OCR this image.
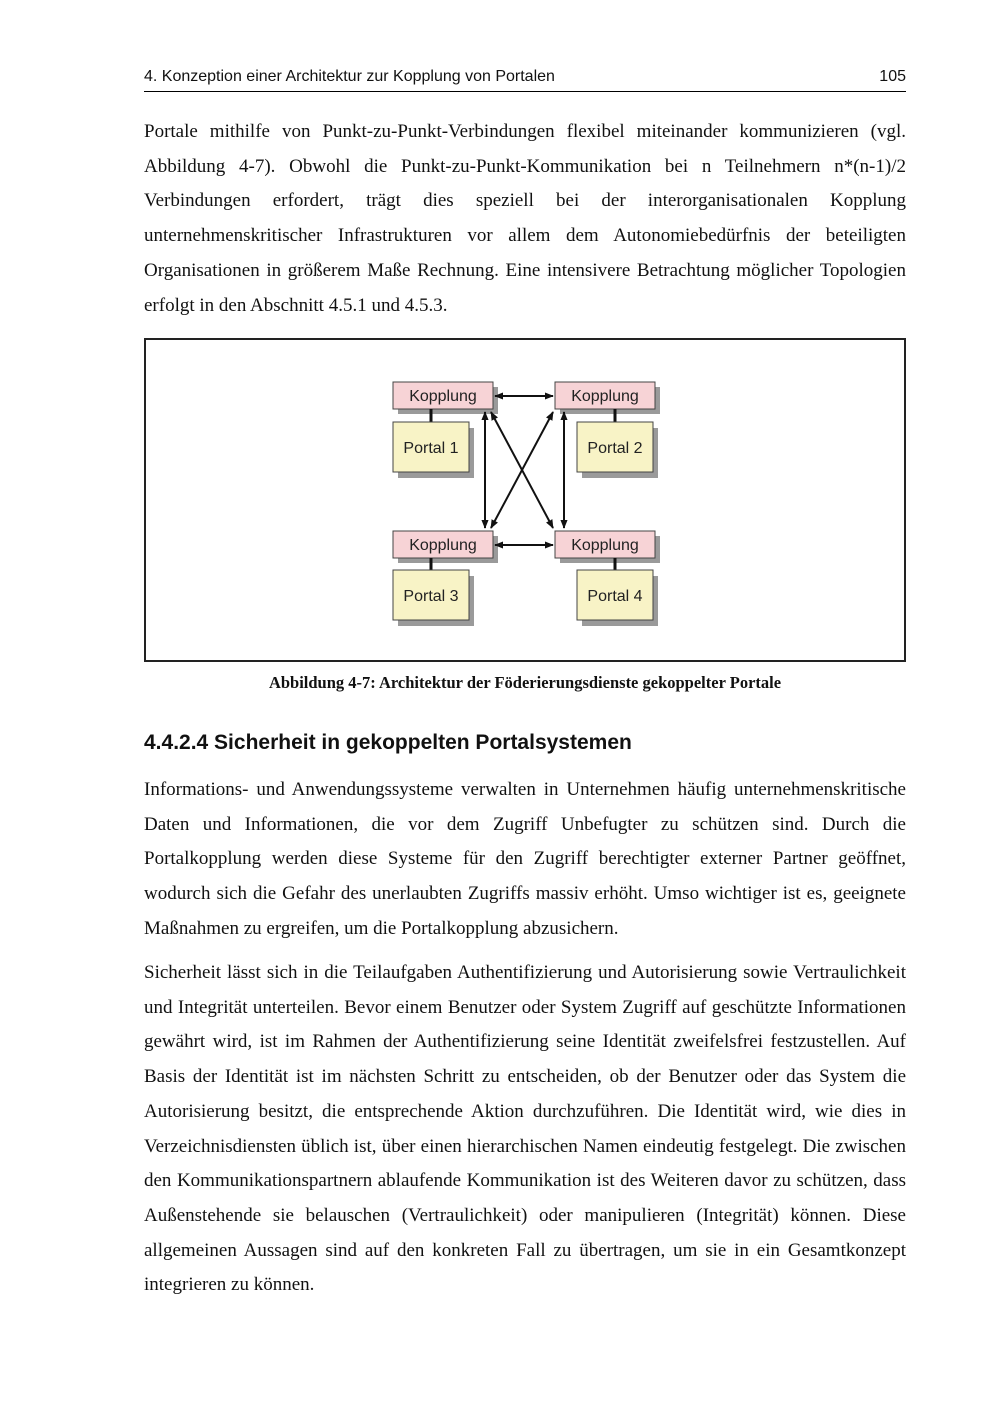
4. Konzeption einer Architektur zur Kopplung von Portalen	105

Portale mithilfe von Punkt-zu-Punkt-Verbindungen flexibel miteinander kommunizieren (vgl. Abbildung 4-7). Obwohl die Punkt-zu-Punkt-Kommunikation bei n Teilnehmern n*(n-1)/2 Verbindungen erfordert, trägt dies speziell bei der interorganisationalen Kopplung unternehmenskritischer Infrastrukturen vor allem dem Autonomiebedürfnis der beteiligten Organisationen in größerem Maße Rechnung. Eine intensivere Betrachtung möglicher Topologien erfolgt in den Abschnitt 4.5.1 und 4.5.3.

Kopplung
Portal 1
Kopplung
Portal 2
Kopplung
Portal 3
Kopplung
Portal 4
Abbildung 4-7: Architektur der Föderierungsdienste gekoppelter Portale
4.4.2.4 Sicherheit in gekoppelten Portalsystemen

Informations- und Anwendungssysteme verwalten in Unternehmen häufig unternehmenskritische Daten und Informationen, die vor dem Zugriff Unbefugter zu schützen sind. Durch die Portalkopplung werden diese Systeme für den Zugriff berechtigter externer Partner geöffnet, wodurch sich die Gefahr des unerlaubten Zugriffs massiv erhöht. Umso wichtiger ist es, geeignete Maßnahmen zu ergreifen, um die Portalkopplung abzusichern.

Sicherheit lässt sich in die Teilaufgaben Authentifizierung und Autorisierung sowie Vertraulichkeit und Integrität unterteilen. Bevor einem Benutzer oder System Zugriff auf geschützte Informationen gewährt wird, ist im Rahmen der Authentifizierung seine Identität zweifelsfrei festzustellen. Auf Basis der Identität ist im nächsten Schritt zu entscheiden, ob der Benutzer oder das System die Autorisierung besitzt, die entsprechende Aktion durchzuführen. Die Identität wird, wie dies in Verzeichnisdiensten üblich ist, über einen hierarchischen Namen eindeutig festgelegt. Die zwischen den Kommunikationspartnern ablaufende Kommunikation ist des Weiteren davor zu schützen, dass Außenstehende sie belauschen (Vertraulichkeit) oder manipulieren (Integrität) können. Diese allgemeinen Aussagen sind auf den konkreten Fall zu übertragen, um sie in ein Gesamtkonzept integrieren zu können.
